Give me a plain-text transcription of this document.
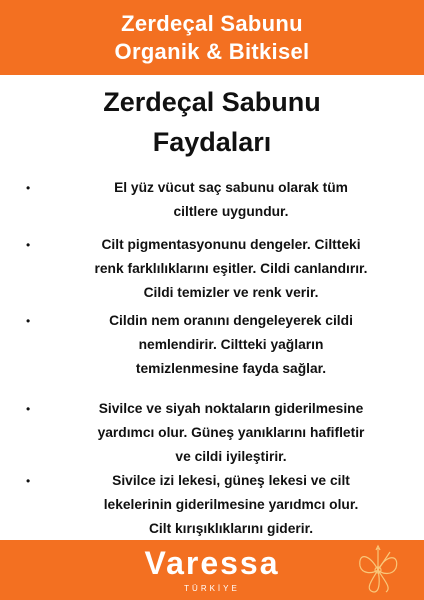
Zerdeçal Sabunu
Organik & Bitkisel
Zerdeçal Sabunu
Faydaları
•	El yüz vücut saç sabunu olarak tüm
ciltlere uygundur.
•	Cilt pigmentasyonunu dengeler. Ciltteki
renk farklılıklarını eşitler. Cildi canlandırır.
Cildi temizler ve renk verir.
•	Cildin nem oranını dengeleyerek cildi
nemlendirir. Ciltteki yağların
temizlenmesine fayda sağlar.
•	Sivilce ve siyah noktaların giderilmesine
yardımcı olur. Güneş yanıklarını hafifletir
ve cildi iyileştirir.
•	Sivilce izi lekesi, güneş lekesi ve cilt
lekelerinin giderilmesine yarıdmcı olur.
Cilt kırışıklıklarını giderir.
Varessa
TÜRKİYE
